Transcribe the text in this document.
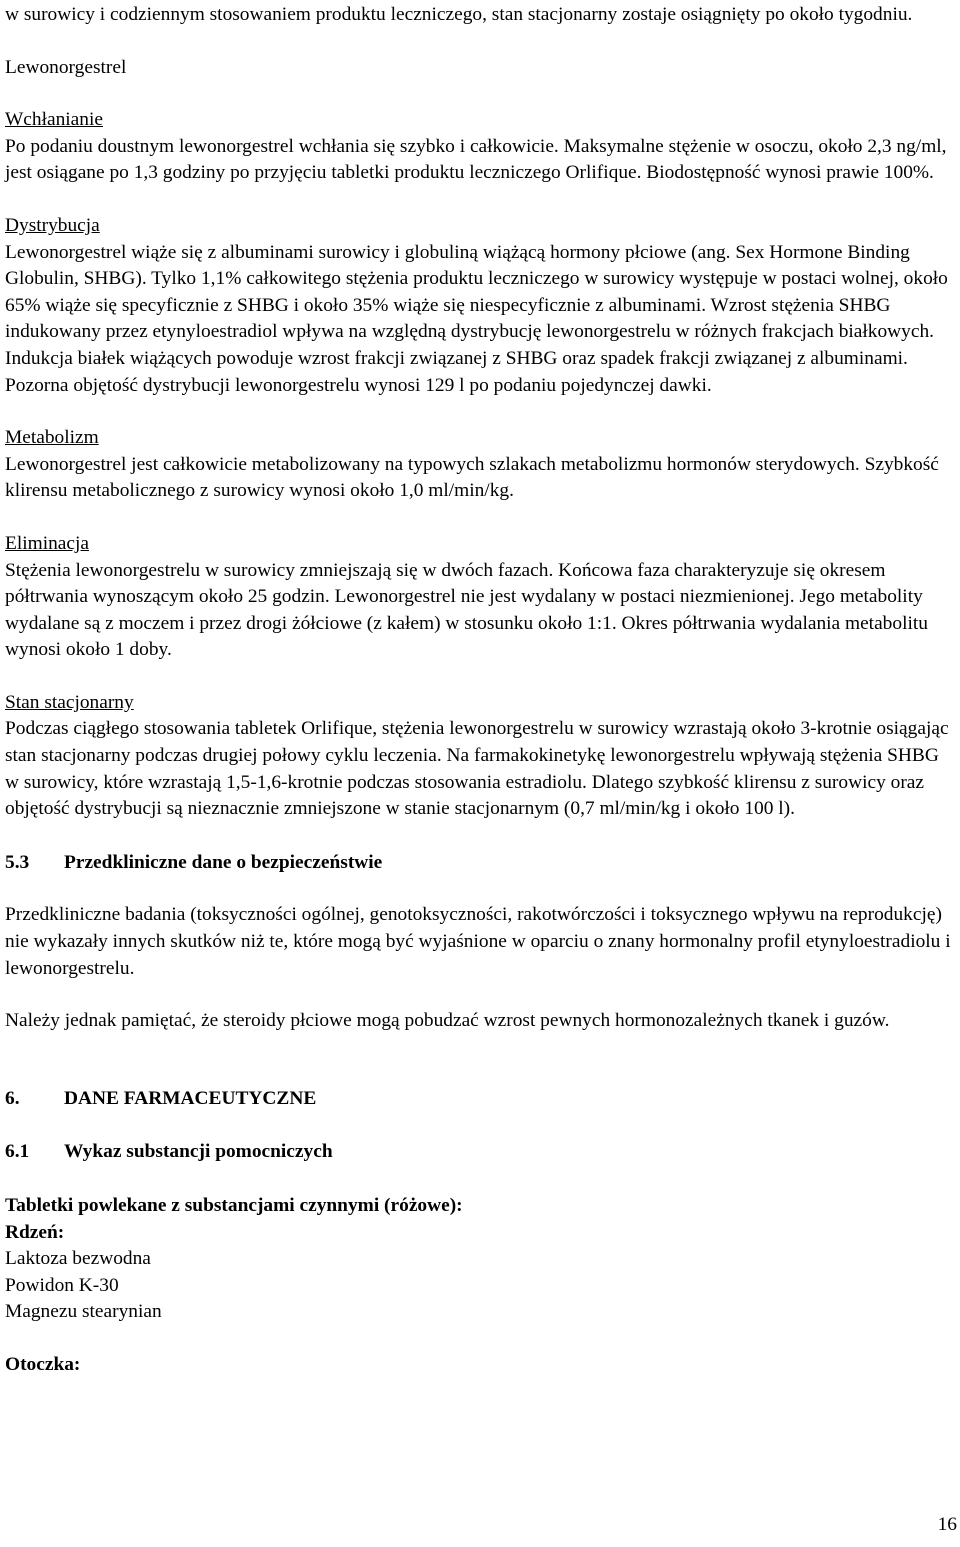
w surowicy i codziennym stosowaniem produktu leczniczego, stan stacjonarny zostaje osiągnięty po około tygodniu.

Lewonorgestrel

Wchłanianie

Po podaniu doustnym lewonorgestrel wchłania się szybko i całkowicie. Maksymalne stężenie w osoczu, około 2,3 ng/ml, jest osiągane po 1,3 godziny po przyjęciu tabletki produktu leczniczego Orlifique. Biodostępność wynosi prawie 100%.

Dystrybucja

Lewonorgestrel wiąże się z albuminami surowicy i globuliną wiążącą hormony płciowe (ang. Sex Hormone Binding Globulin, SHBG). Tylko 1,1% całkowitego stężenia produktu leczniczego w surowicy występuje w postaci wolnej, około 65% wiąże się specyficznie z SHBG i około 35% wiąże się niespecyficznie z albuminami. Wzrost stężenia SHBG indukowany przez etynyloestradiol wpływa na względną dystrybucję lewonorgestrelu w różnych frakcjach białkowych. Indukcja białek wiążących powoduje wzrost frakcji związanej z SHBG oraz spadek frakcji związanej z albuminami. Pozorna objętość dystrybucji lewonorgestrelu wynosi 129 l po podaniu pojedynczej dawki.

Metabolizm

Lewonorgestrel jest całkowicie metabolizowany na typowych szlakach metabolizmu hormonów sterydowych. Szybkość klirensu metabolicznego z surowicy wynosi około 1,0 ml/min/kg.

Eliminacja

Stężenia lewonorgestrelu w surowicy zmniejszają się w dwóch fazach. Końcowa faza charakteryzuje się okresem półtrwania wynoszącym około 25 godzin. Lewonorgestrel nie jest wydalany w postaci niezmienionej. Jego metabolity wydalane są z moczem i przez drogi żółciowe (z kałem) w stosunku około 1:1. Okres półtrwania wydalania metabolitu wynosi około 1 doby.

Stan stacjonarny

Podczas ciągłego stosowania tabletek Orlifique, stężenia lewonorgestrelu w surowicy wzrastają około 3-krotnie osiągając stan stacjonarny podczas drugiej połowy cyklu leczenia. Na farmakokinetykę lewonorgestrelu wpływają stężenia SHBG w surowicy, które wzrastają 1,5-1,6-krotnie podczas stosowania estradiolu. Dlatego szybkość klirensu z surowicy oraz objętość dystrybucji są nieznacznie zmniejszone w stanie stacjonarnym (0,7 ml/min/kg i około 100 l).

5.3	Przedkliniczne dane o bezpieczeństwie

Przedkliniczne badania (toksyczności ogólnej, genotoksyczności, rakotwórczości i toksycznego wpływu na reprodukcję) nie wykazały innych skutków niż te, które mogą być wyjaśnione w oparciu o znany hormonalny profil etynyloestradiolu i lewonorgestrelu.

Należy jednak pamiętać, że steroidy płciowe mogą pobudzać wzrost pewnych hormonozależnych tkanek i guzów.

6.	DANE FARMACEUTYCZNE
6.1	Wykaz substancji pomocniczych

Tabletki powlekane z substancjami czynnymi (różowe):

Rdzeń:

Laktoza bezwodna

Powidon K-30

Magnezu stearynian

Otoczka:

16
